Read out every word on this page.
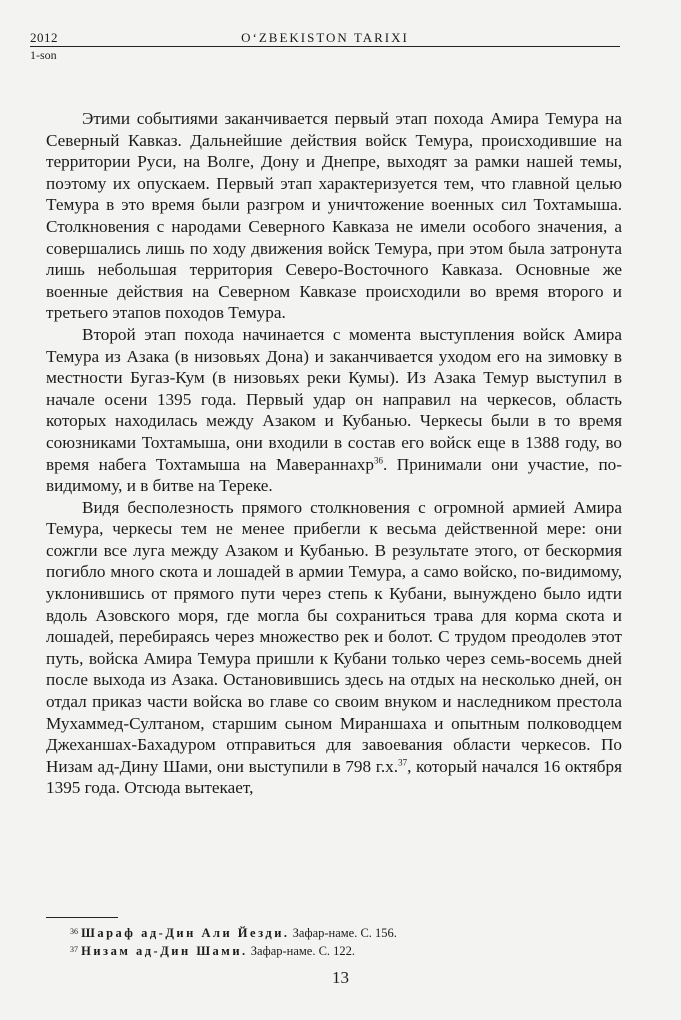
2012
1-son
O‘ZBEKISTON TARIXI

Этими событиями заканчивается первый этап похода Амира Темура на Северный Кавказ. Дальнейшие действия войск Темура, происходившие на территории Руси, на Волге, Дону и Днепре, выходят за рамки нашей темы, поэтому их опускаем. Первый этап характеризуется тем, что главной целью Темура в это время были разгром и уничтожение военных сил Тохтамыша. Столкновения с народами Северного Кавказа не имели особого значения, а совершались лишь по ходу движения войск Темура, при этом была затронута лишь небольшая территория Северо-Восточного Кавказа. Основные же военные действия на Северном Кавказе происходили во время второго и третьего этапов походов Темура.

Второй этап похода начинается с момента выступления войск Амира Темура из Азака (в низовьях Дона) и заканчивается уходом его на зимовку в местности Бугаз-Кум (в низовьях реки Кумы). Из Азака Темур выступил в начале осени 1395 года. Первый удар он направил на черкесов, область которых находилась между Азаком и Кубанью. Черкесы были в то время союзниками Тохтамыша, они входили в состав его войск еще в 1388 году, во время набега Тохтамыша на Мавераннахр$^{36}$. Принимали они участие, по-видимому, и в битве на Тереке.

Видя бесполезность прямого столкновения с огромной армией Амира Темура, черкесы тем не менее прибегли к весьма действенной мере: они сожгли все луга между Азаком и Кубанью. В результате этого, от бескормия погибло много скота и лошадей в армии Темура, а само войско, по-видимому, уклонившись от прямого пути через степь к Кубани, вынуждено было идти вдоль Азовского моря, где могла бы сохраниться трава для корма скота и лошадей, перебираясь через множество рек и болот. С трудом преодолев этот путь, войска Амира Темура пришли к Кубани только через семь-восемь дней после выхода из Азака. Остановившись здесь на отдых на несколько дней, он отдал приказ части войска во главе со своим внуком и наследником престола Мухаммед-Султаном, старшим сыном Мираншаха и опытным полководцем Джеханшах-Бахадуром отправиться для завоевания области черкесов. По Низам ад-Дину Шами, они выступили в 798 г.х.$^{37}$, который начался 16 октября 1395 года. Отсюда вытекает,

$^{36}$ Шараф ад-Дин Али Йезди. Зафар-наме. С. 156.
$^{37}$ Низам ад-Дин Шами. Зафар-наме. С. 122.
13
